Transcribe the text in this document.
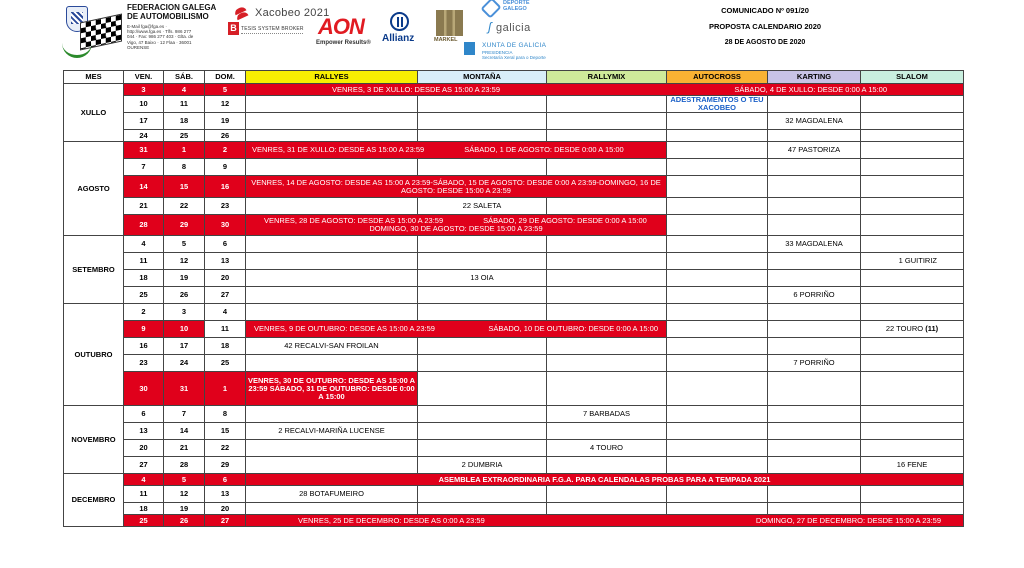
FEDERACION GALEGA
DE AUTOMOBILISMO
E-Mail fga@fga.es · http://www.fga.es · Tlfs. 986 277 044 · Fax: 986 277 403 · Glta. de Vigo, 47 Baixo · 12 Flaa · 36001 OURENSE
Xacobeo 2021
B TESIS SYSTEM BROKER AON
Empower Results® Allianz	MARKEL
DEPORTE
GALEGO
ʃ galicia
XUNTA DE GALICIA
PRESIDENCIA
Secretaría Xeral para o Deporte
COMUNICADO Nº 091/20
PROPOSTA CALENDARIO 2020
28 DE AGOSTO DE 2020
MES	VEN.	SÁB.	DOM.	RALLYES	MONTAÑA	RALLYMIX	AUTOCROSS	KARTING	SLALOM
XULLO	3	4	5	VENRES, 3 DE XULLO: DESDE AS 15:00 A 23:59 SÁBADO, 4 DE XULLO: DESDE 0:00 A 15:00					

	10	11	12				ADESTRAMENTOS O TEU XACOBEO		
	17	18	19					32 MAGDALENA	
	24	25	26						
AGOSTO	31	1	2	VENRES, 31 DE XULLO: DESDE AS 15:00 A 23:59 SÁBADO, 1 DE AGOSTO: DESDE 0:00 A 15:00				47 PASTORIZA	
	7	8	9						
	14	15	16	VENRES, 14 DE AGOSTO: DESDE AS 15:00 A 23:59-SÁBADO, 15 DE AGOSTO: DESDE 0:00 A 23:59-DOMINGO, 16 DE AGOSTO: DESDE 15:00 A 23:59					
	21	22	23		22 SALETA				
	28	29	30	VENRES, 28 DE AGOSTO: DESDE AS 15:00 A 23:59 SÁBADO, 29 DE AGOSTO: DESDE 0:00 A 15:00
DOMINGO, 30 DE AGOSTO: DESDE 15:00 A 23:59					

SETEMBRO	4	5	6					33 MAGDALENA	
	11	12	13						1 GUITIRIZ
	18	19	20		13 OIA				
	25	26	27					6 PORRIÑO	
OUTUBRO	2	3	4						
	9	10	11	VENRES, 9 DE OUTUBRO: DESDE AS 15:00 A 23:59 SÁBADO, 10 DE OUTUBRO: DESDE 0:00 A 15:00					22 TOURO (11)
	16	17	18	42 RECALVI-SAN FROILAN					
	23	24	25					7 PORRIÑO	
	30	31	1	VENRES, 30 DE OUTUBRO: DESDE AS 15:00 A 23:59 SÁBADO, 31 DE OUTUBRO: DESDE 0:00 A 15:00					
NOVEMBRO	6	7	8			7 BARBADAS			
	13	14	15	2 RECALVI-MARIÑA LUCENSE					
	20	21	22			4 TOURO			
	27	28	29		2 DUMBRIA				16 FENE
DECEMBRO	4	5	6	ASEMBLEA EXTRAORDINARIA F.G.A. PARA CALENDALAS PROBAS PARA A TEMPADA 2021					
	11	12	13	28 BOTAFUMEIRO					
	18	19	20						
	25	26	27	VENRES, 25 DE DECEMBRO: DESDE AS 0:00 A 23:59 DOMINGO, 27 DE DECEMBRO: DESDE 15:00 A 23:59					
